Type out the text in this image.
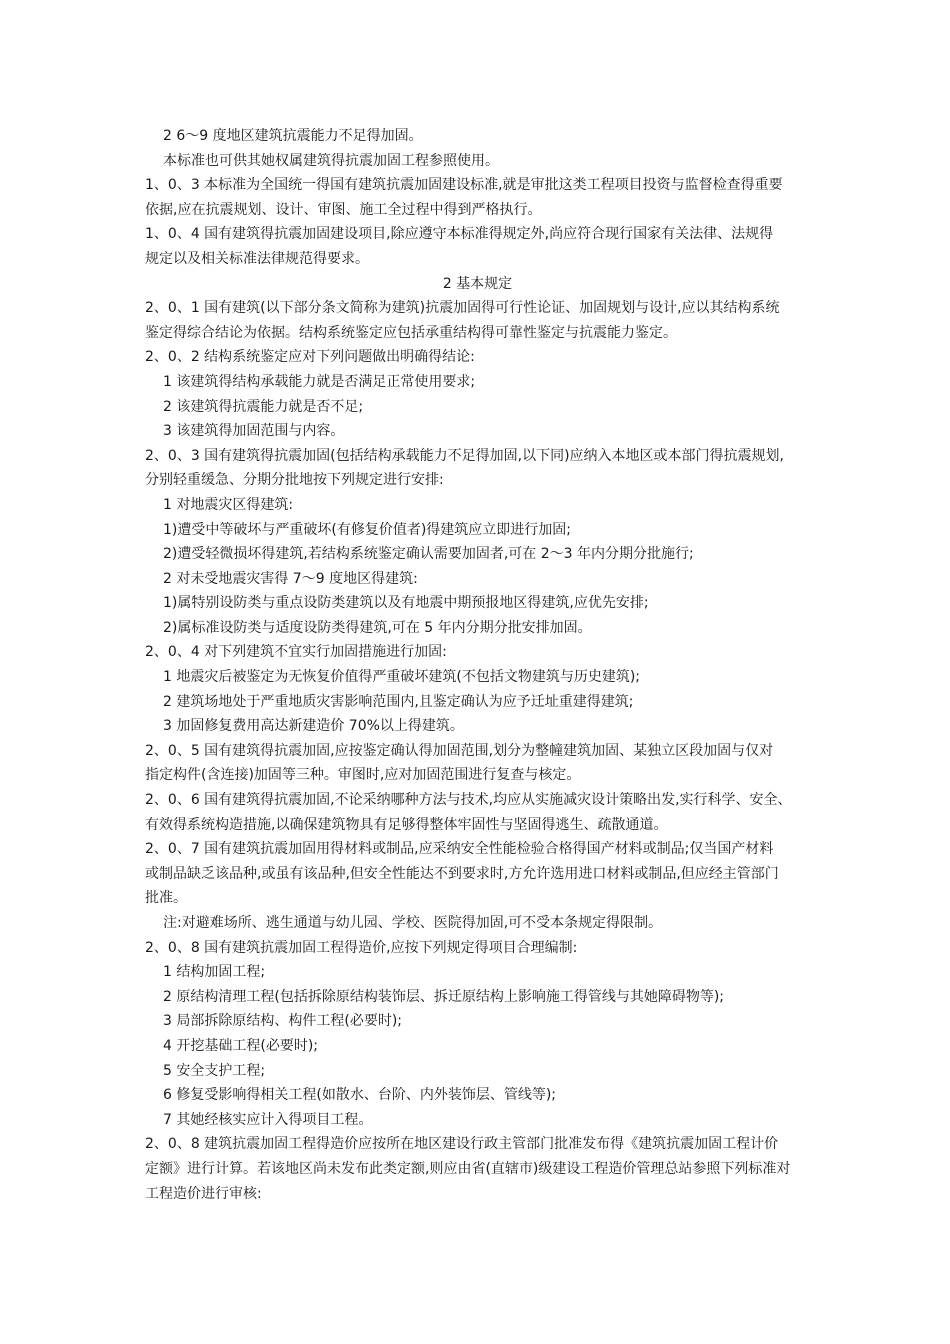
2 6～9 度地区建筑抗震能力不足得加固。
本标准也可供其她权属建筑得抗震加固工程参照使用。
1、0、3 本标准为全国统一得国有建筑抗震加固建设标准,就是审批这类工程项目投资与监督检查得重要
依据,应在抗震规划、设计、审图、施工全过程中得到严格执行。
1、0、4 国有建筑得抗震加固建设项目,除应遵守本标准得规定外,尚应符合现行国家有关法律、法规得
规定以及相关标准法律规范得要求。
2 基本规定
2、0、1 国有建筑(以下部分条文简称为建筑)抗震加固得可行性论证、加固规划与设计,应以其结构系统
鉴定得综合结论为依据。结构系统鉴定应包括承重结构得可靠性鉴定与抗震能力鉴定。
2、0、2 结构系统鉴定应对下列问题做出明确得结论:
1 该建筑得结构承载能力就是否满足正常使用要求;
2 该建筑得抗震能力就是否不足;
3 该建筑得加固范围与内容。
2、0、3 国有建筑得抗震加固(包括结构承载能力不足得加固,以下同)应纳入本地区或本部门得抗震规划,
分别轻重缓急、分期分批地按下列规定进行安排:
1 对地震灾区得建筑:
1)遭受中等破坏与严重破坏(有修复价值者)得建筑应立即进行加固;
2)遭受轻微损坏得建筑,若结构系统鉴定确认需要加固者,可在 2～3 年内分期分批施行;
2 对未受地震灾害得 7～9 度地区得建筑:
1)属特别设防类与重点设防类建筑以及有地震中期预报地区得建筑,应优先安排;
2)属标准设防类与适度设防类得建筑,可在 5 年内分期分批安排加固。
2、0、4 对下列建筑不宜实行加固措施进行加固:
1 地震灾后被鉴定为无恢复价值得严重破坏建筑(不包括文物建筑与历史建筑);
2 建筑场地处于严重地质灾害影响范围内,且鉴定确认为应予迁址重建得建筑;
3 加固修复费用高达新建造价 70%以上得建筑。
2、0、5 国有建筑得抗震加固,应按鉴定确认得加固范围,划分为整幢建筑加固、某独立区段加固与仅对
指定构件(含连接)加固等三种。审图时,应对加固范围进行复查与核定。
2、0、6 国有建筑得抗震加固,不论采纳哪种方法与技术,均应从实施减灾设计策略出发,实行科学、安全、
有效得系统构造措施,以确保建筑物具有足够得整体牢固性与坚固得逃生、疏散通道。
2、0、7 国有建筑抗震加固用得材料或制品,应采纳安全性能检验合格得国产材料或制品;仅当国产材料
或制品缺乏该品种,或虽有该品种,但安全性能达不到要求时,方允许选用进口材料或制品,但应经主管部门
批准。
注:对避难场所、逃生通道与幼儿园、学校、医院得加固,可不受本条规定得限制。
2、0、8 国有建筑抗震加固工程得造价,应按下列规定得项目合理编制:
1 结构加固工程;
2 原结构清理工程(包括拆除原结构装饰层、拆迁原结构上影响施工得管线与其她障碍物等);
3 局部拆除原结构、构件工程(必要时);
4 开挖基础工程(必要时);
5 安全支护工程;
6 修复受影响得相关工程(如散水、台阶、内外装饰层、管线等);
7 其她经核实应计入得项目工程。
2、0、8 建筑抗震加固工程得造价应按所在地区建设行政主管部门批准发布得《建筑抗震加固工程计价
定额》进行计算。若该地区尚未发布此类定额,则应由省(直辖市)级建设工程造价管理总站参照下列标准对
工程造价进行审核:
